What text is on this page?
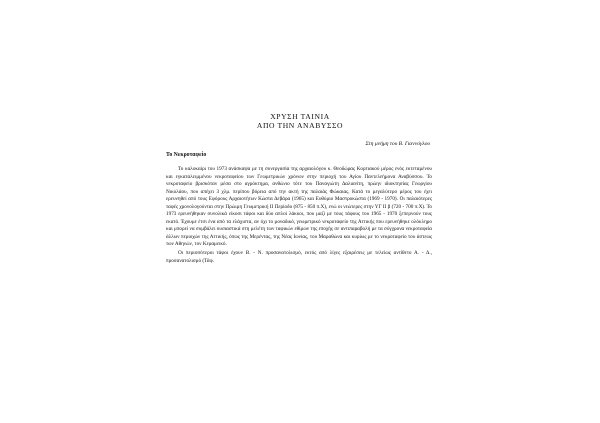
ΧΡΥΣΗ ΤΑΙΝΙΑ
ΑΠΟ ΤΗΝ ΑΝΑΒΥΣΣΟ
Στη μνήμη του Β. Γιαννόγλου
Το Νεκροταφείο

Το καλοκαίρι του 1973 ανάσκαψα με τη συνεργασία της αρχαιολόγου κ. Θεοδώρας Κορτιακού μέρος ενός εκτεταμένου και εγκαταλειμμένου νεκροταφείου των Γεωμετρικών χρόνων στην περιοχή του Αγίου Παντελεήμονα Αναβύσσου. Το νεκροταφείο βρισκόταν μέσα στο αγρόκτημα, ανθώνιο τότε του Παναγιώτη Δαλιανίτη, πρώην ιδιοκτησίας Γεωργίου Νικολάου, που απέχει 3 χλμ. περίπου βόρεια από την ακτή της παλαιάς Φώκαιας. Κατά το μεγαλύτερο μέρος του έχει ερευνηθεί από τους Εφόρους Αρχαιοτήτων Κώστα Δεβάρα (1965) και Ευθύμιο Μαστροκώστα (1969 - 1970). Οι παλαιότερες ταφές χρονολογούνται στην Πρώιμη Γεωμετρική ΙΙ Περίοδο (875 - 850 π.Χ), ενώ οι νεώτερες στην ΥΓ ΙΙ β (720 - 700 π.Χ). Το 1973 ερευνήθηκαν συνολικά είκοσι τάφοι και δύο απλοί λάκκοι, που μαζί με τους τάφους του 1965 - 1970 ξεπερνούν τους εκατό. Έχουμε έτσι ένα από τα ελάχιστα, αν όχι το μοναδικό, γεωμετρικό νεκροταφείο της Αττικής που ερευνήθηκε ολόκληρο και μπορεί να συμβάλει ουσιαστικά στη μελέτη των ταφικών εθίμων της εποχής σε αντιπαραβολή με τα σύγχρονα νεκροταφεία άλλων περιοχών της Αττικής, όπως της Μερέντας, της Νέας Ιωνίας, του Μαραθώνα και κυρίως με το νεκροταφείο του άστεως των Αθηνών, τον Κεραμεικό.

Οι περισσότεροι τάφοι έχουν Β. - Ν. προσανατολισμό, εκτός από λίγες εξαιρέσεις με τελείως αντίθετο Α. - Δ., προσανατολισμό (Τάφ.
